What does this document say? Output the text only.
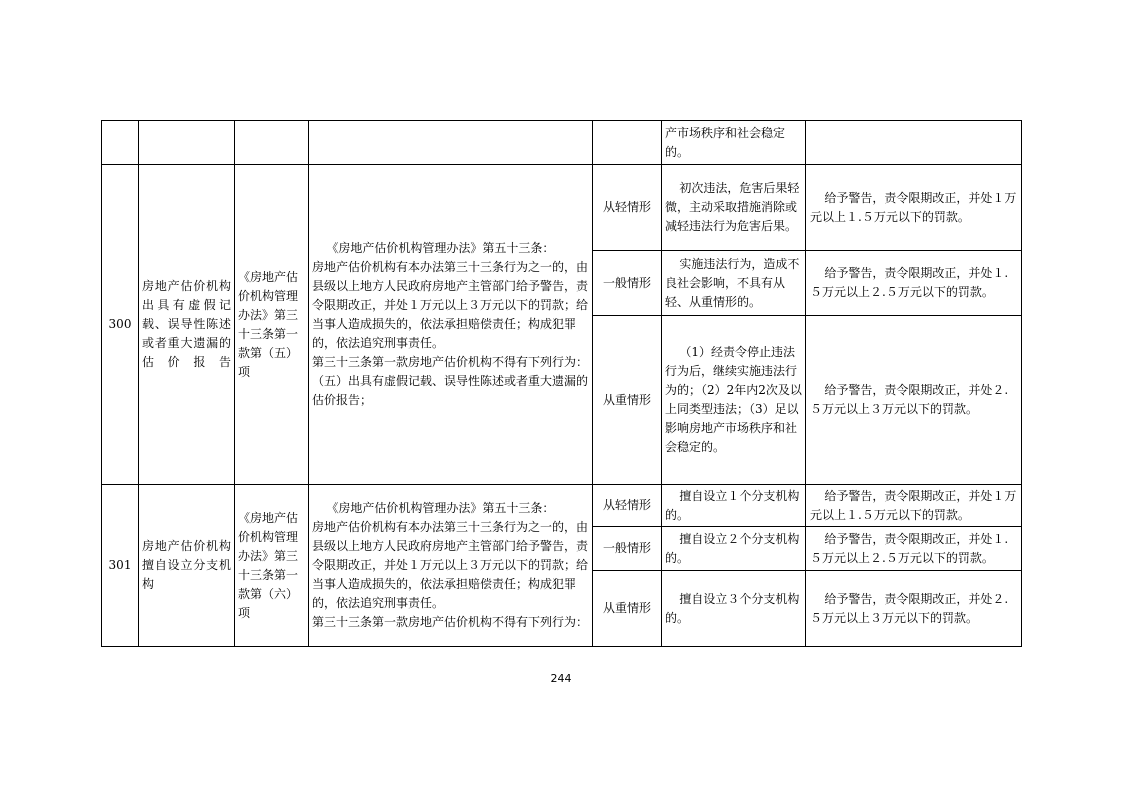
					产市场秩序和社会稳定的。	
300	房地产估价机构出具有虚假记载、误导性陈述或者重大遗漏的估价报告	《房地产估价机构管理办法》第三十三条第一款第（五）项	《房地产估价机构管理办法》第五十三条：
房地产估价机构有本办法第三十三条行为之一的，由县级以上地方人民政府房地产主管部门给予警告，责令限期改正，并处１万元以上３万元以下的罚款；给当事人造成损失的，依法承担赔偿责任；构成犯罪的，依法追究刑事责任。
第三十三条第一款房地产估价机构不得有下列行为：
（五）出具有虚假记载、误导性陈述或者重大遗漏的估价报告；	从轻情形	初次违法，危害后果轻微，主动采取措施消除或减轻违法行为危害后果。	给予警告，责令限期改正，并处１万元以上１.５万元以下的罚款。
				一般情形	实施违法行为，造成不良社会影响，不具有从轻、从重情形的。	给予警告，责令限期改正，并处１.５万元以上２.５万元以下的罚款。
				从重情形	（1）经责令停止违法行为后，继续实施违法行为的；（2）2年内2次及以上同类型违法；（3）足以影响房地产市场秩序和社会稳定的。	给予警告，责令限期改正，并处２.５万元以上３万元以下的罚款。
301	房地产估价机构擅自设立分支机构	《房地产估价机构管理办法》第三十三条第一款第（六）项	《房地产估价机构管理办法》第五十三条：
房地产估价机构有本办法第三十三条行为之一的，由县级以上地方人民政府房地产主管部门给予警告，责令限期改正，并处１万元以上３万元以下的罚款；给当事人造成损失的，依法承担赔偿责任；构成犯罪的，依法追究刑事责任。
第三十三条第一款房地产估价机构不得有下列行为：	从轻情形	擅自设立１个分支机构的。	给予警告，责令限期改正，并处１万元以上１.５万元以下的罚款。
				一般情形	擅自设立２个分支机构的。	给予警告，责令限期改正，并处１.５万元以上２.５万元以下的罚款。
				从重情形	擅自设立３个分支机构的。	给予警告，责令限期改正，并处２.５万元以上３万元以下的罚款。
244
